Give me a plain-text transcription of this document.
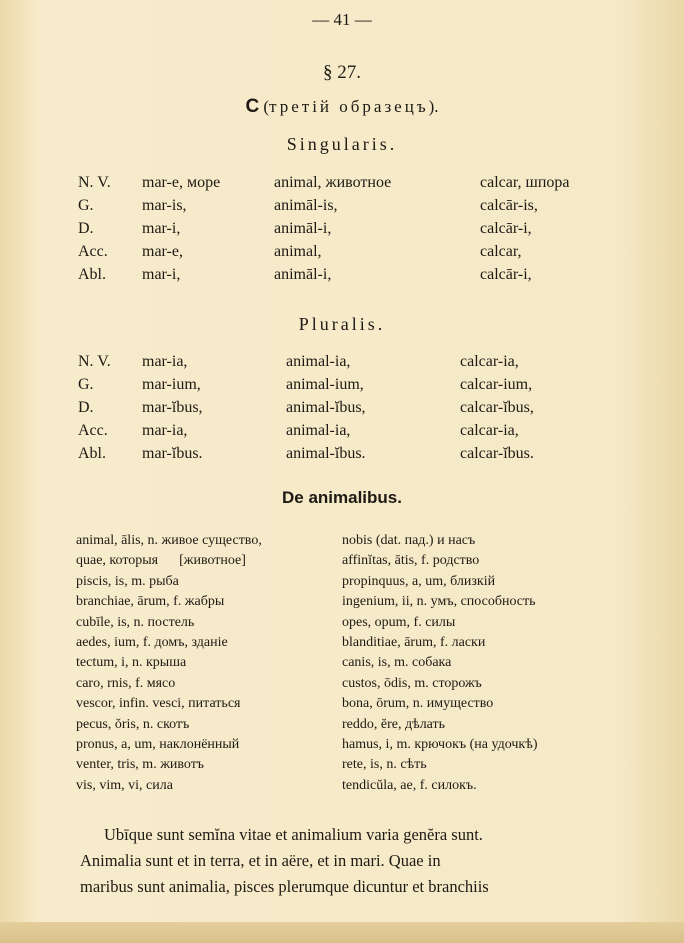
— 41 —
§ 27.
C (третій образецъ).
Singularis.
N. V. mar-e, море	animal, животное	calcar, шпора
G.	mar-is,	animāl-is,	calcār-is,
D.	mar-i,	animāl-i,	calcār-i,
Acc. mar-e,	animal,	calcar,
Abl. mar-i,	animāl-i,	calcār-i,
Pluralis.
N. V. mar-ia,	animal-ia,	calcar-ia,
G.	mar-ium,	animal-ium,	calcar-ium,
D.	mar-ĭbus,	animal-ĭbus,	calcar-ĭbus,
Acc. mar-ia,	animal-ia,	calcar-ia,
Abl. mar-ĭbus.	animal-ĭbus.	calcar-ĭbus.
De animalibus.
animal, ālis, n. живое существо,
quae, которыя      [животное]
piscis, is, m. рыба
branchiae, ārum, f. жабры
cubīle, is, n. постель
aedes, ium, f. домъ, зданіе
tectum, i, n. крыша
caro, rnis, f. мясо
vescor, infin. vesci, питаться
pecus, ŏris, n. скотъ
pronus, a, um, наклонённый
venter, tris, m. животъ
vis, vim, vi, сила
nobis (dat. пад.) и насъ
affinĭtas, ātis, f. родство
propinquus, a, um, близкій
ingenium, ii, n. умъ, способность
opes, opum, f. силы
blanditiae, ārum, f. ласки
canis, is, m. собака
custos, ōdis, m. сторожъ
bona, ōrum, n. имущество
reddo, ĕre, дѣлать
hamus, i, m. крючокъ (на удочкѣ)
rete, is, n. сѣть
tendicŭla, ae, f. силокъ.
Ubīque sunt semĭna vitae et animalium varia genĕra sunt.
Animalia sunt et in terra, et in aëre, et in mari. Quae in
maribus sunt animalia, pisces plerumque dicuntur et branchiis
